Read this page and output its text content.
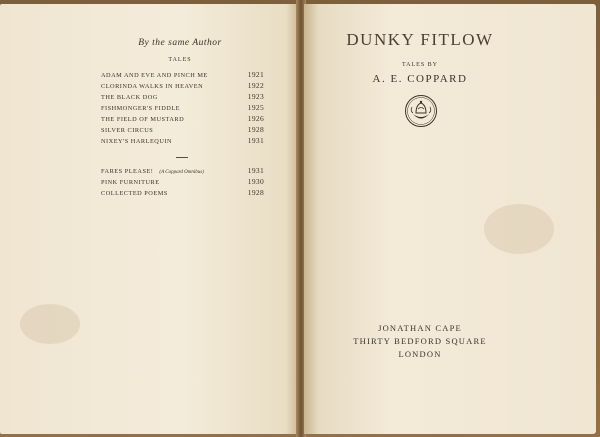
By the same Author
TALES
ADAM AND EVE AND PINCH ME	1921
CLORINDA WALKS IN HEAVEN	1922
THE BLACK DOG	1923
FISHMONGER'S FIDDLE	1925
THE FIELD OF MUSTARD	1926
SILVER CIRCUS	1928
NIXEY'S HARLEQUIN	1931
FARES PLEASE! (A Coppard Omnibus)	1931
PINK FURNITURE	1930
COLLECTED POEMS	1928
DUNKY FITLOW
TALES BY
A. E. COPPARD
JONATHAN CAPE
THIRTY BEDFORD SQUARE
LONDON
